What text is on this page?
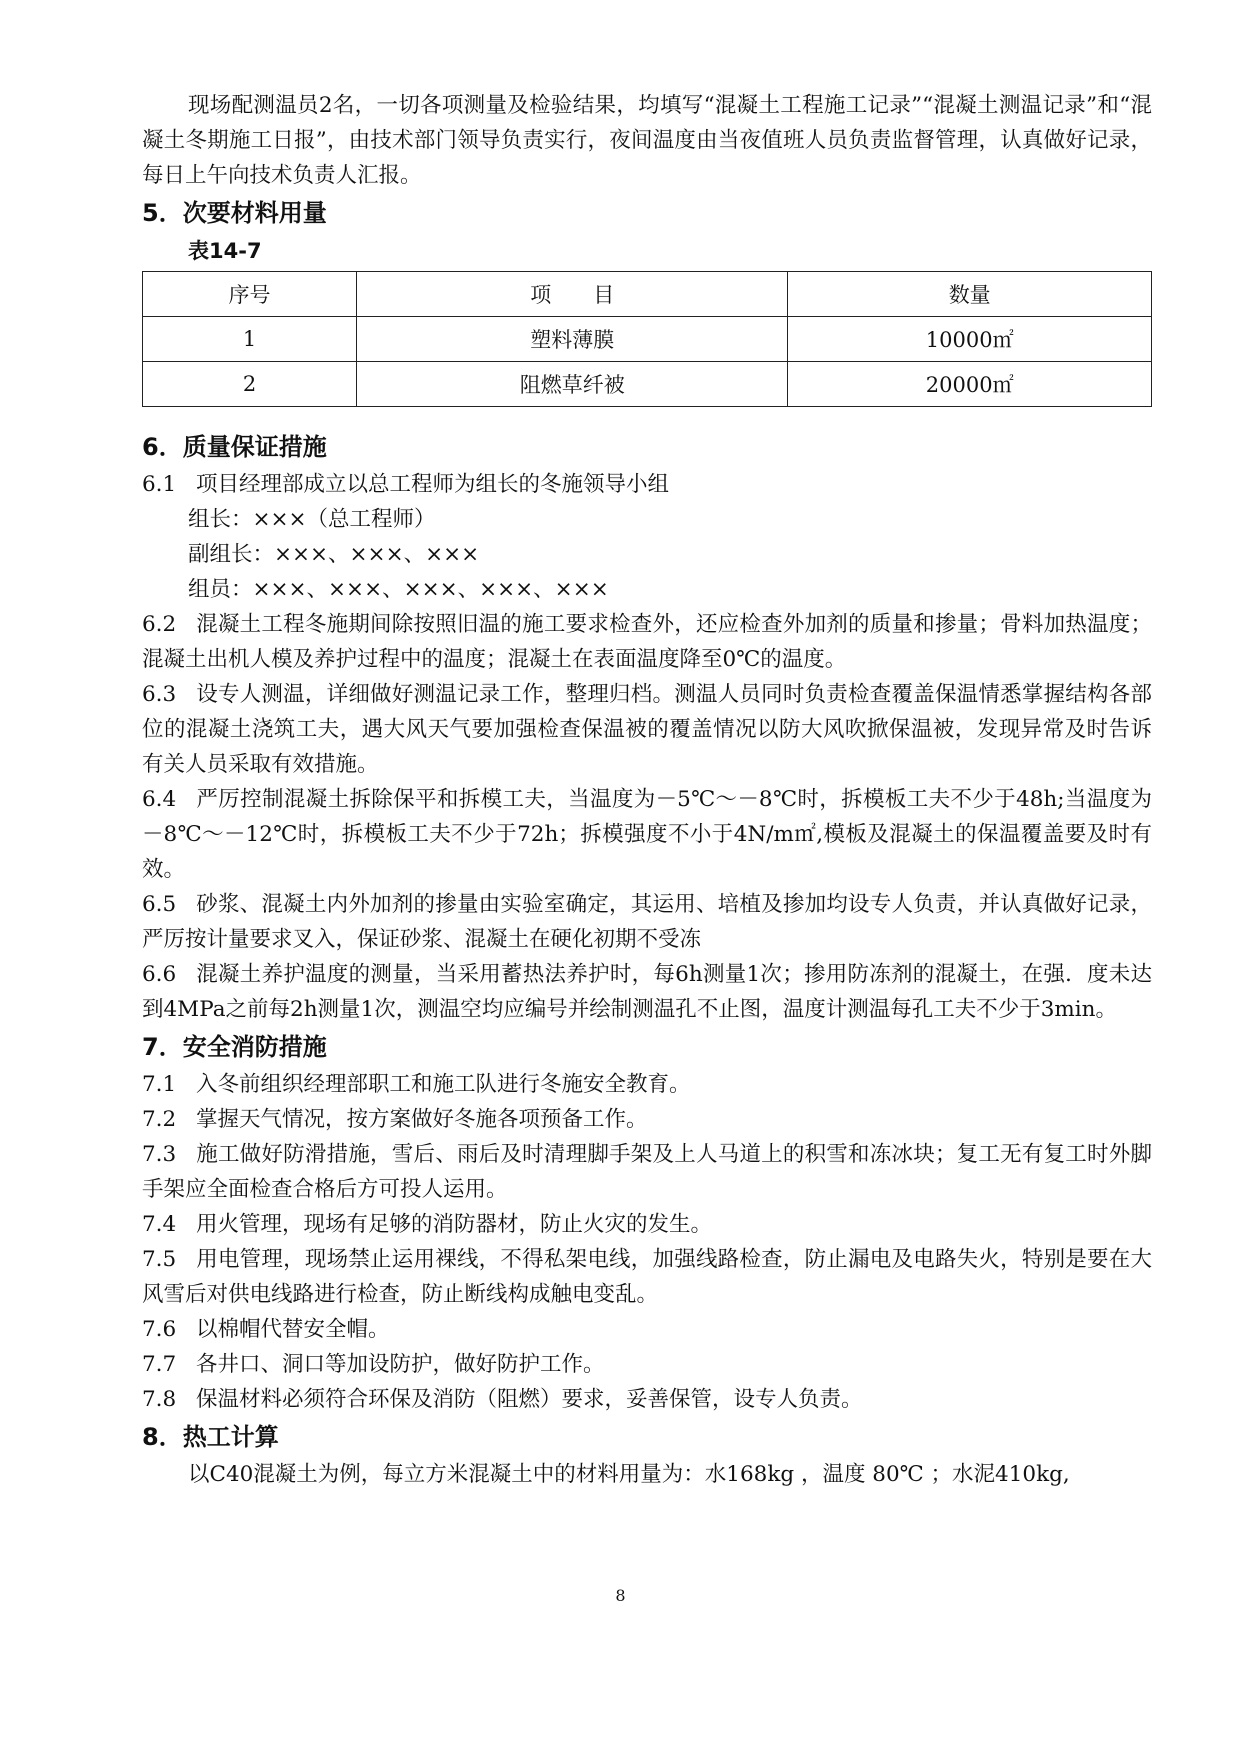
现场配测温员2名，一切各项测量及检验结果，均填写“混凝土工程施工记录”“混凝土测温记录”和“混凝土冬期施工日报”，由技术部门领导负责实行，夜间温度由当夜值班人员负责监督管理，认真做好记录，每日上午向技术负责人汇报。

5．次要材料用量

表14-7

序号	项　　目	数量
1	塑料薄膜	10000㎡
2	阻燃草纤被	20000㎡

6．质量保证措施

6.1 项目经理部成立以总工程师为组长的冬施领导小组

组长：×××（总工程师）

副组长：×××、×××、×××

组员：×××、×××、×××、×××、×××

6.2 混凝土工程冬施期间除按照旧温的施工要求检查外，还应检查外加剂的质量和掺量；骨料加热温度；混凝土出机人模及养护过程中的温度；混凝土在表面温度降至0℃的温度。

6.3 设专人测温，详细做好测温记录工作，整理归档。测温人员同时负责检查覆盖保温情悉掌握结构各部位的混凝土浇筑工夫，遇大风天气要加强检查保温被的覆盖情况以防大风吹掀保温被，发现异常及时告诉有关人员采取有效措施。

6.4 严厉控制混凝土拆除保平和拆模工夫，当温度为－5℃～－8℃时，拆模板工夫不少于48h;当温度为－8℃～－12℃时，拆模板工夫不少于72h；拆模强度不小于4N/m㎡,模板及混凝土的保温覆盖要及时有效。

6.5 砂浆、混凝土内外加剂的掺量由实验室确定，其运用、培植及掺加均设专人负责，并认真做好记录，严厉按计量要求叉入，保证砂浆、混凝土在硬化初期不受冻

6.6 混凝土养护温度的测量，当采用蓄热法养护时，每6h测量1次；掺用防冻剂的混凝土，在强．度未达到4MPa之前每2h测量1次，测温空均应编号并绘制测温孔不止图，温度计测温每孔工夫不少于3min。

7．安全消防措施

7.1 入冬前组织经理部职工和施工队进行冬施安全教育。

7.2 掌握天气情况，按方案做好冬施各项预备工作。

7.3 施工做好防滑措施，雪后、雨后及时清理脚手架及上人马道上的积雪和冻冰块；复工无有复工时外脚手架应全面检查合格后方可投人运用。

7.4 用火管理，现场有足够的消防器材，防止火灾的发生。

7.5 用电管理，现场禁止运用裸线，不得私架电线，加强线路检查，防止漏电及电路失火，特别是要在大风雪后对供电线路进行检查，防止断线构成触电变乱。

7.6 以棉帽代替安全帽。

7.7 各井口、洞口等加设防护，做好防护工作。

7.8 保温材料必须符合环保及消防（阻燃）要求，妥善保管，设专人负责。

8．热工计算

以C40混凝土为例，每立方米混凝土中的材料用量为：水168kg ，温度 80℃ ；水泥410kg,

8
